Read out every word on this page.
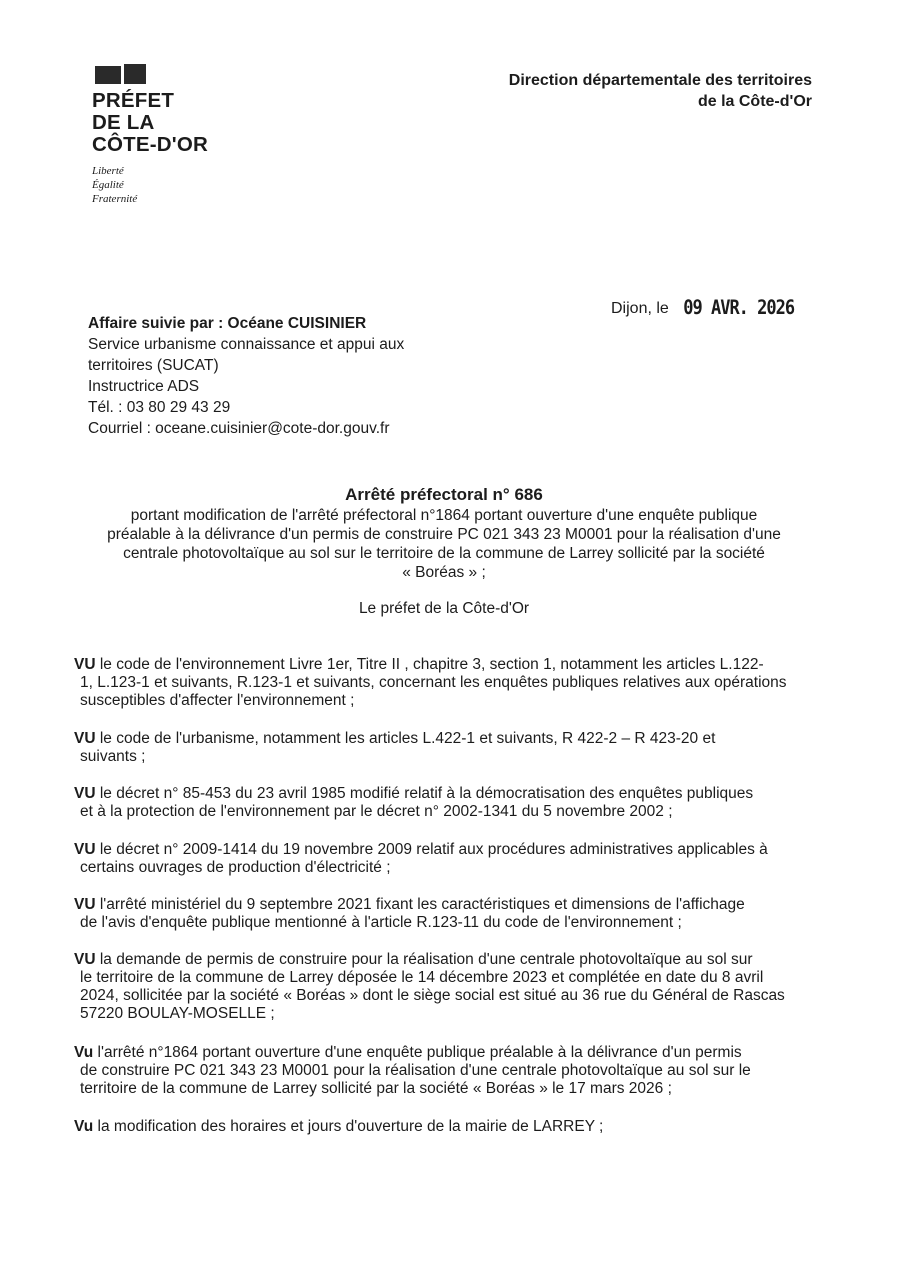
PRÉFET
DE LA
CÔTE-D'OR
Liberté
Égalité
Fraternité
Direction départementale des territoires
de la Côte-d'Or
Affaire suivie par : Océane CUISINIER
Service urbanisme connaissance et appui aux
territoires (SUCAT)
Instructrice ADS
Tél. : 03 80 29 43 29
Courriel : oceane.cuisinier@cote-dor.gouv.fr
Dijon, le 09 AVR. 2026
Arrêté préfectoral n° 686
portant modification de l'arrêté préfectoral n°1864 portant ouverture d'une enquête publique
préalable à la délivrance d'un permis de construire PC 021 343 23 M0001 pour la réalisation d'une
centrale photovoltaïque au sol sur le territoire de la commune de Larrey sollicité par la société
« Boréas » ;
Le préfet de la Côte-d'Or
VU le code de l'environnement Livre 1er, Titre II , chapitre 3, section 1, notamment les articles L.122-
1, L.123-1 et suivants, R.123-1 et suivants, concernant les enquêtes publiques relatives aux opérations
susceptibles d'affecter l'environnement ;
VU le code de l'urbanisme, notamment les articles L.422-1 et suivants, R 422-2 – R 423-20 et
suivants ;
VU le décret n° 85-453 du 23 avril 1985 modifié relatif à la démocratisation des enquêtes publiques
et à la protection de l'environnement par le décret n° 2002-1341 du 5 novembre 2002 ;
VU le décret n° 2009-1414 du 19 novembre 2009 relatif aux procédures administratives applicables à
certains ouvrages de production d'électricité ;
VU l'arrêté ministériel du 9 septembre 2021 fixant les caractéristiques et dimensions de l'affichage
de l'avis d'enquête publique mentionné à l'article R.123-11 du code de l'environnement ;
VU la demande de permis de construire pour la réalisation d'une centrale photovoltaïque au sol sur
le territoire de la commune de Larrey déposée le 14 décembre 2023 et complétée en date du 8 avril
2024, sollicitée par la société « Boréas » dont le siège social est situé au 36 rue du Général de Rascas
57220 BOULAY-MOSELLE ;
Vu l'arrêté n°1864 portant ouverture d'une enquête publique préalable à la délivrance d'un permis
de construire PC 021 343 23 M0001 pour la réalisation d'une centrale photovoltaïque au sol sur le
territoire de la commune de Larrey sollicité par la société « Boréas » le 17 mars 2026 ;
Vu la modification des horaires et jours d'ouverture de la mairie de LARREY ;
